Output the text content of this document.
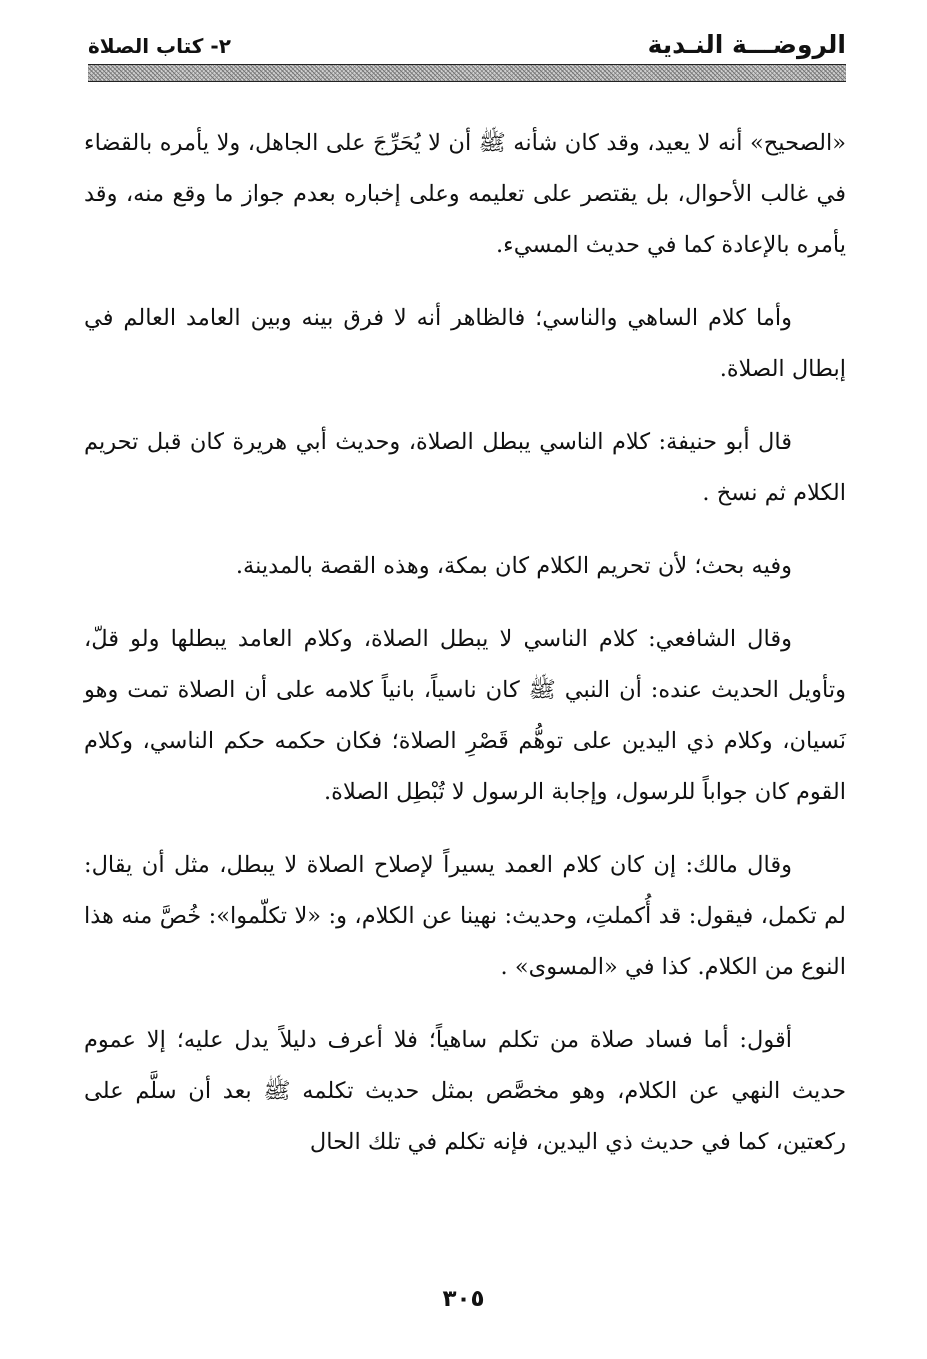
الروضـــة النـدية
٢- كتاب الصلاة

«الصحيح» أنه لا يعيد، وقد كان شأنه ﷺ أن لا يُحَرِّجَ على الجاهل، ولا يأمره بالقضاء في غالب الأحوال، بل يقتصر على تعليمه وعلى إخباره بعدم جواز ما وقع منه، وقد يأمره بالإعادة كما في حديث المسيء.

وأما كلام الساهي والناسي؛ فالظاهر أنه لا فرق بينه وبين العامد العالم في إبطال الصلاة.

قال أبو حنيفة: كلام الناسي يبطل الصلاة، وحديث أبي هريرة كان قبل تحريم الكلام ثم نسخ .

وفيه بحث؛ لأن تحريم الكلام كان بمكة، وهذه القصة بالمدينة.

وقال الشافعي: كلام الناسي لا يبطل الصلاة، وكلام العامد يبطلها ولو قلّ، وتأويل الحديث عنده: أن النبي ﷺ كان ناسياً، بانياً كلامه على أن الصلاة تمت وهو نَسيان، وكلام ذي اليدين على توهُّم قَصْرِ الصلاة؛ فكان حكمه حكم الناسي، وكلام القوم كان جواباً للرسول، وإجابة الرسول لا تُبْطِل الصلاة.

وقال مالك: إن كان كلام العمد يسيراً لإصلاح الصلاة لا يبطل، مثل أن يقال: لم تكمل، فيقول: قد أُكملتِ، وحديث: نهينا عن الكلام، و: «لا تكلّموا»: خُصَّ منه هذا النوع من الكلام. كذا في «المسوى» .

أقول: أما فساد صلاة من تكلم ساهياً؛ فلا أعرف دليلاً يدل عليه؛ إلا عموم حديث النهي عن الكلام، وهو مخصَّص بمثل حديث تكلمه ﷺ بعد أن سلَّم على ركعتين، كما في حديث ذي اليدين، فإنه تكلم في تلك الحال

٣٠٥
